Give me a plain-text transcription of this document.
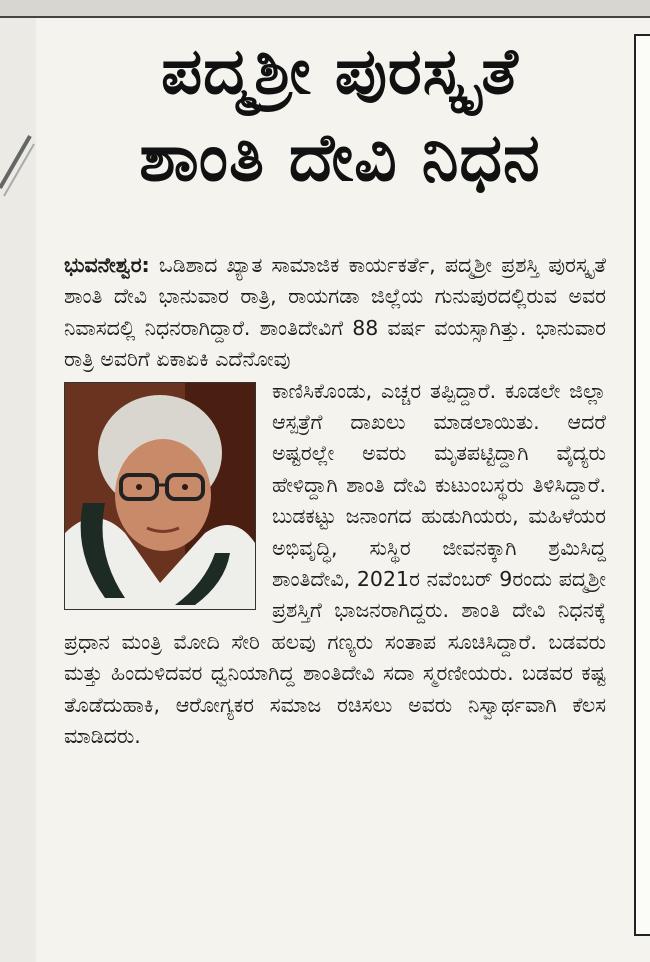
ಪದ್ಮಶ್ರೀ ಪುರಸ್ಕೃತೆ
ಶಾಂತಿ ದೇವಿ ನಿಧನ

ಭುವನೇಶ್ವರ: ಒಡಿಶಾದ ಖ್ಯಾತ ಸಾಮಾಜಿಕ ಕಾರ್ಯಕರ್ತೆ, ಪದ್ಮಶ್ರೀ ಪ್ರಶಸ್ತಿ ಪುರಸ್ಕೃತೆ ಶಾಂತಿ ದೇವಿ ಭಾನುವಾರ ರಾತ್ರಿ, ರಾಯಗಡಾ ಜಿಲ್ಲೆಯ ಗುನುಪುರದಲ್ಲಿರುವ ಅವರ ನಿವಾಸದಲ್ಲಿ ನಿಧನರಾಗಿದ್ದಾರೆ. ಶಾಂತಿದೇವಿಗೆ 88 ವರ್ಷ ವಯಸ್ಸಾಗಿತ್ತು. ಭಾನುವಾರ ರಾತ್ರಿ ಅವರಿಗೆ ಏಕಾಏಕಿ ಎದೆನೋವು

ಕಾಣಿಸಿಕೊಂಡು, ಎಚ್ಚರ ತಪ್ಪಿದ್ದಾರೆ. ಕೂಡಲೇ ಜಿಲ್ಲಾ ಆಸ್ಪತ್ರೆಗೆ ದಾಖಲು ಮಾಡಲಾಯಿತು. ಆದರೆ ಅಷ್ಟರಲ್ಲೇ ಅವರು ಮೃತಪಟ್ಟಿದ್ದಾಗಿ ವೈದ್ಯರು ಹೇಳಿದ್ದಾಗಿ ಶಾಂತಿ ದೇವಿ ಕುಟುಂಬಸ್ಥರು ತಿಳಿಸಿದ್ದಾರೆ. ಬುಡಕಟ್ಟು ಜನಾಂಗದ ಹುಡುಗಿಯರು, ಮಹಿಳೆಯರ ಅಭಿವೃದ್ಧಿ, ಸುಸ್ಥಿರ ಜೀವನಕ್ಕಾಗಿ ಶ್ರಮಿಸಿದ್ದ ಶಾಂತಿದೇವಿ, 2021ರ ನವೆಂಬರ್ 9ರಂದು ಪದ್ಮಶ್ರೀ ಪ್ರಶಸ್ತಿಗೆ ಭಾಜನರಾಗಿದ್ದರು. ಶಾಂತಿ ದೇವಿ ನಿಧನಕ್ಕೆ ಪ್ರಧಾನ ಮಂತ್ರಿ ಮೋದಿ ಸೇರಿ ಹಲವು ಗಣ್ಯರು ಸಂತಾಪ ಸೂಚಿಸಿದ್ದಾರೆ. ಬಡವರು ಮತ್ತು ಹಿಂದುಳಿದವರ ಧ್ವನಿಯಾಗಿದ್ದ ಶಾಂತಿದೇವಿ ಸದಾ ಸ್ಮರಣೀಯರು. ಬಡವರ ಕಷ್ಟ ತೊಡೆದುಹಾಕಿ, ಆರೋಗ್ಯಕರ ಸಮಾಜ ರಚಿಸಲು ಅವರು ನಿಸ್ವಾರ್ಥವಾಗಿ ಕೆಲಸ ಮಾಡಿದರು.
